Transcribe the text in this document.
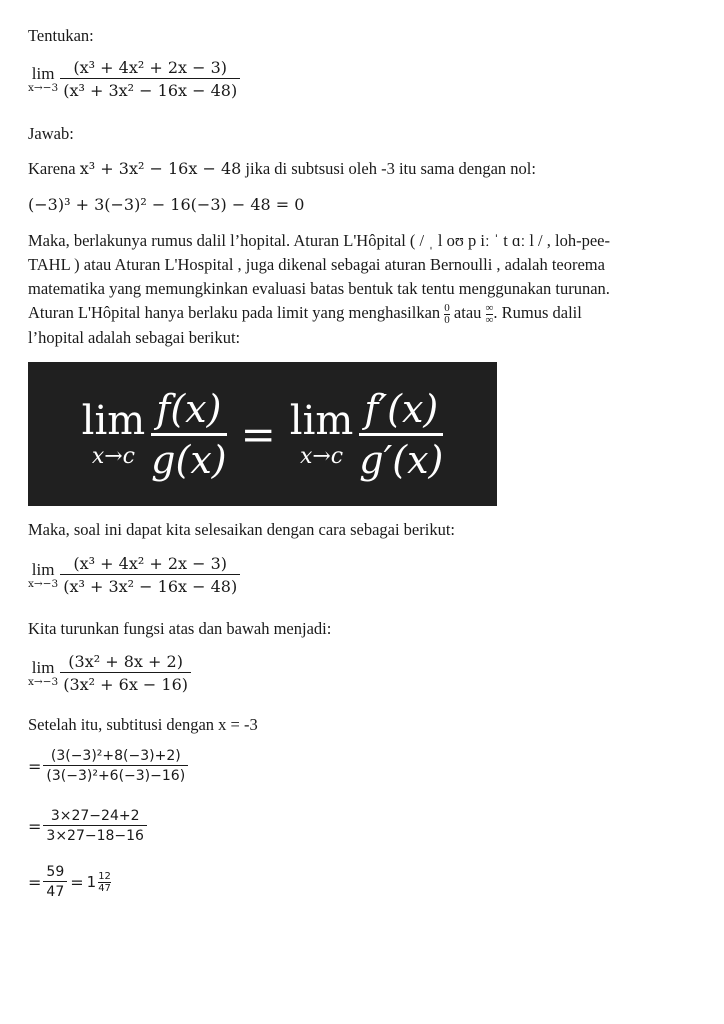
Tentukan:
lim
$x\to-3 \frac{\text{(x³ + 4x² + 2x − 3)}}{\text{(x³ + 3x² − 16x − 48)}}$
Jawab:
Karena x³ + 3x² − 16x − 48 jika di subtsusi oleh -3 itu sama dengan nol:
(−3)³ + 3(−3)² − 16(−3) − 48 = 0
Maka, berlakunya rumus dalil l’hopital. Aturan L'Hôpital ( / ˌ l oʊ p iː ˈ t ɑː l / , loh-pee-
TAHL ) atau Aturan L'Hospital , juga dikenal sebagai aturan Bernoulli , adalah teorema
matematika yang memungkinkan evaluasi batas bentuk tak tentu menggunakan turunan.
Aturan L'Hôpital hanya berlaku pada limit yang menghasilkan $\frac{0}{0}$ atau $\frac{\infty}{\infty}$ . Rumus dalil
l’hopital adalah sebagai berikut:
lim
$x\to c \frac{f(x)}{g(x)} = \lim$
$x\to c \frac{f'(x)}{g'(x)}$
Maka, soal ini dapat kita selesaikan dengan cara sebagai berikut:
lim
$x\to-3 \frac{\text{(x³ + 4x² + 2x − 3)}}{\text{(x³ + 3x² − 16x − 48)}}$
Kita turunkan fungsi atas dan bawah menjadi:
lim
$x\to-3 \frac{\text{(3x² + 8x + 2)}}{\text{(3x² + 6x − 16)}}$
Setelah itu, subtitusi dengan x = -3
= $\frac{\text{(3(−3)²+8(−3)+2)}}{\text{(3(−3)²+6(−3)−16)}}$
= $\frac{3\times 27-24+2}{3\times 27-18-16}$
= $\frac{59}{47} = 1 \frac{12}{47}$
